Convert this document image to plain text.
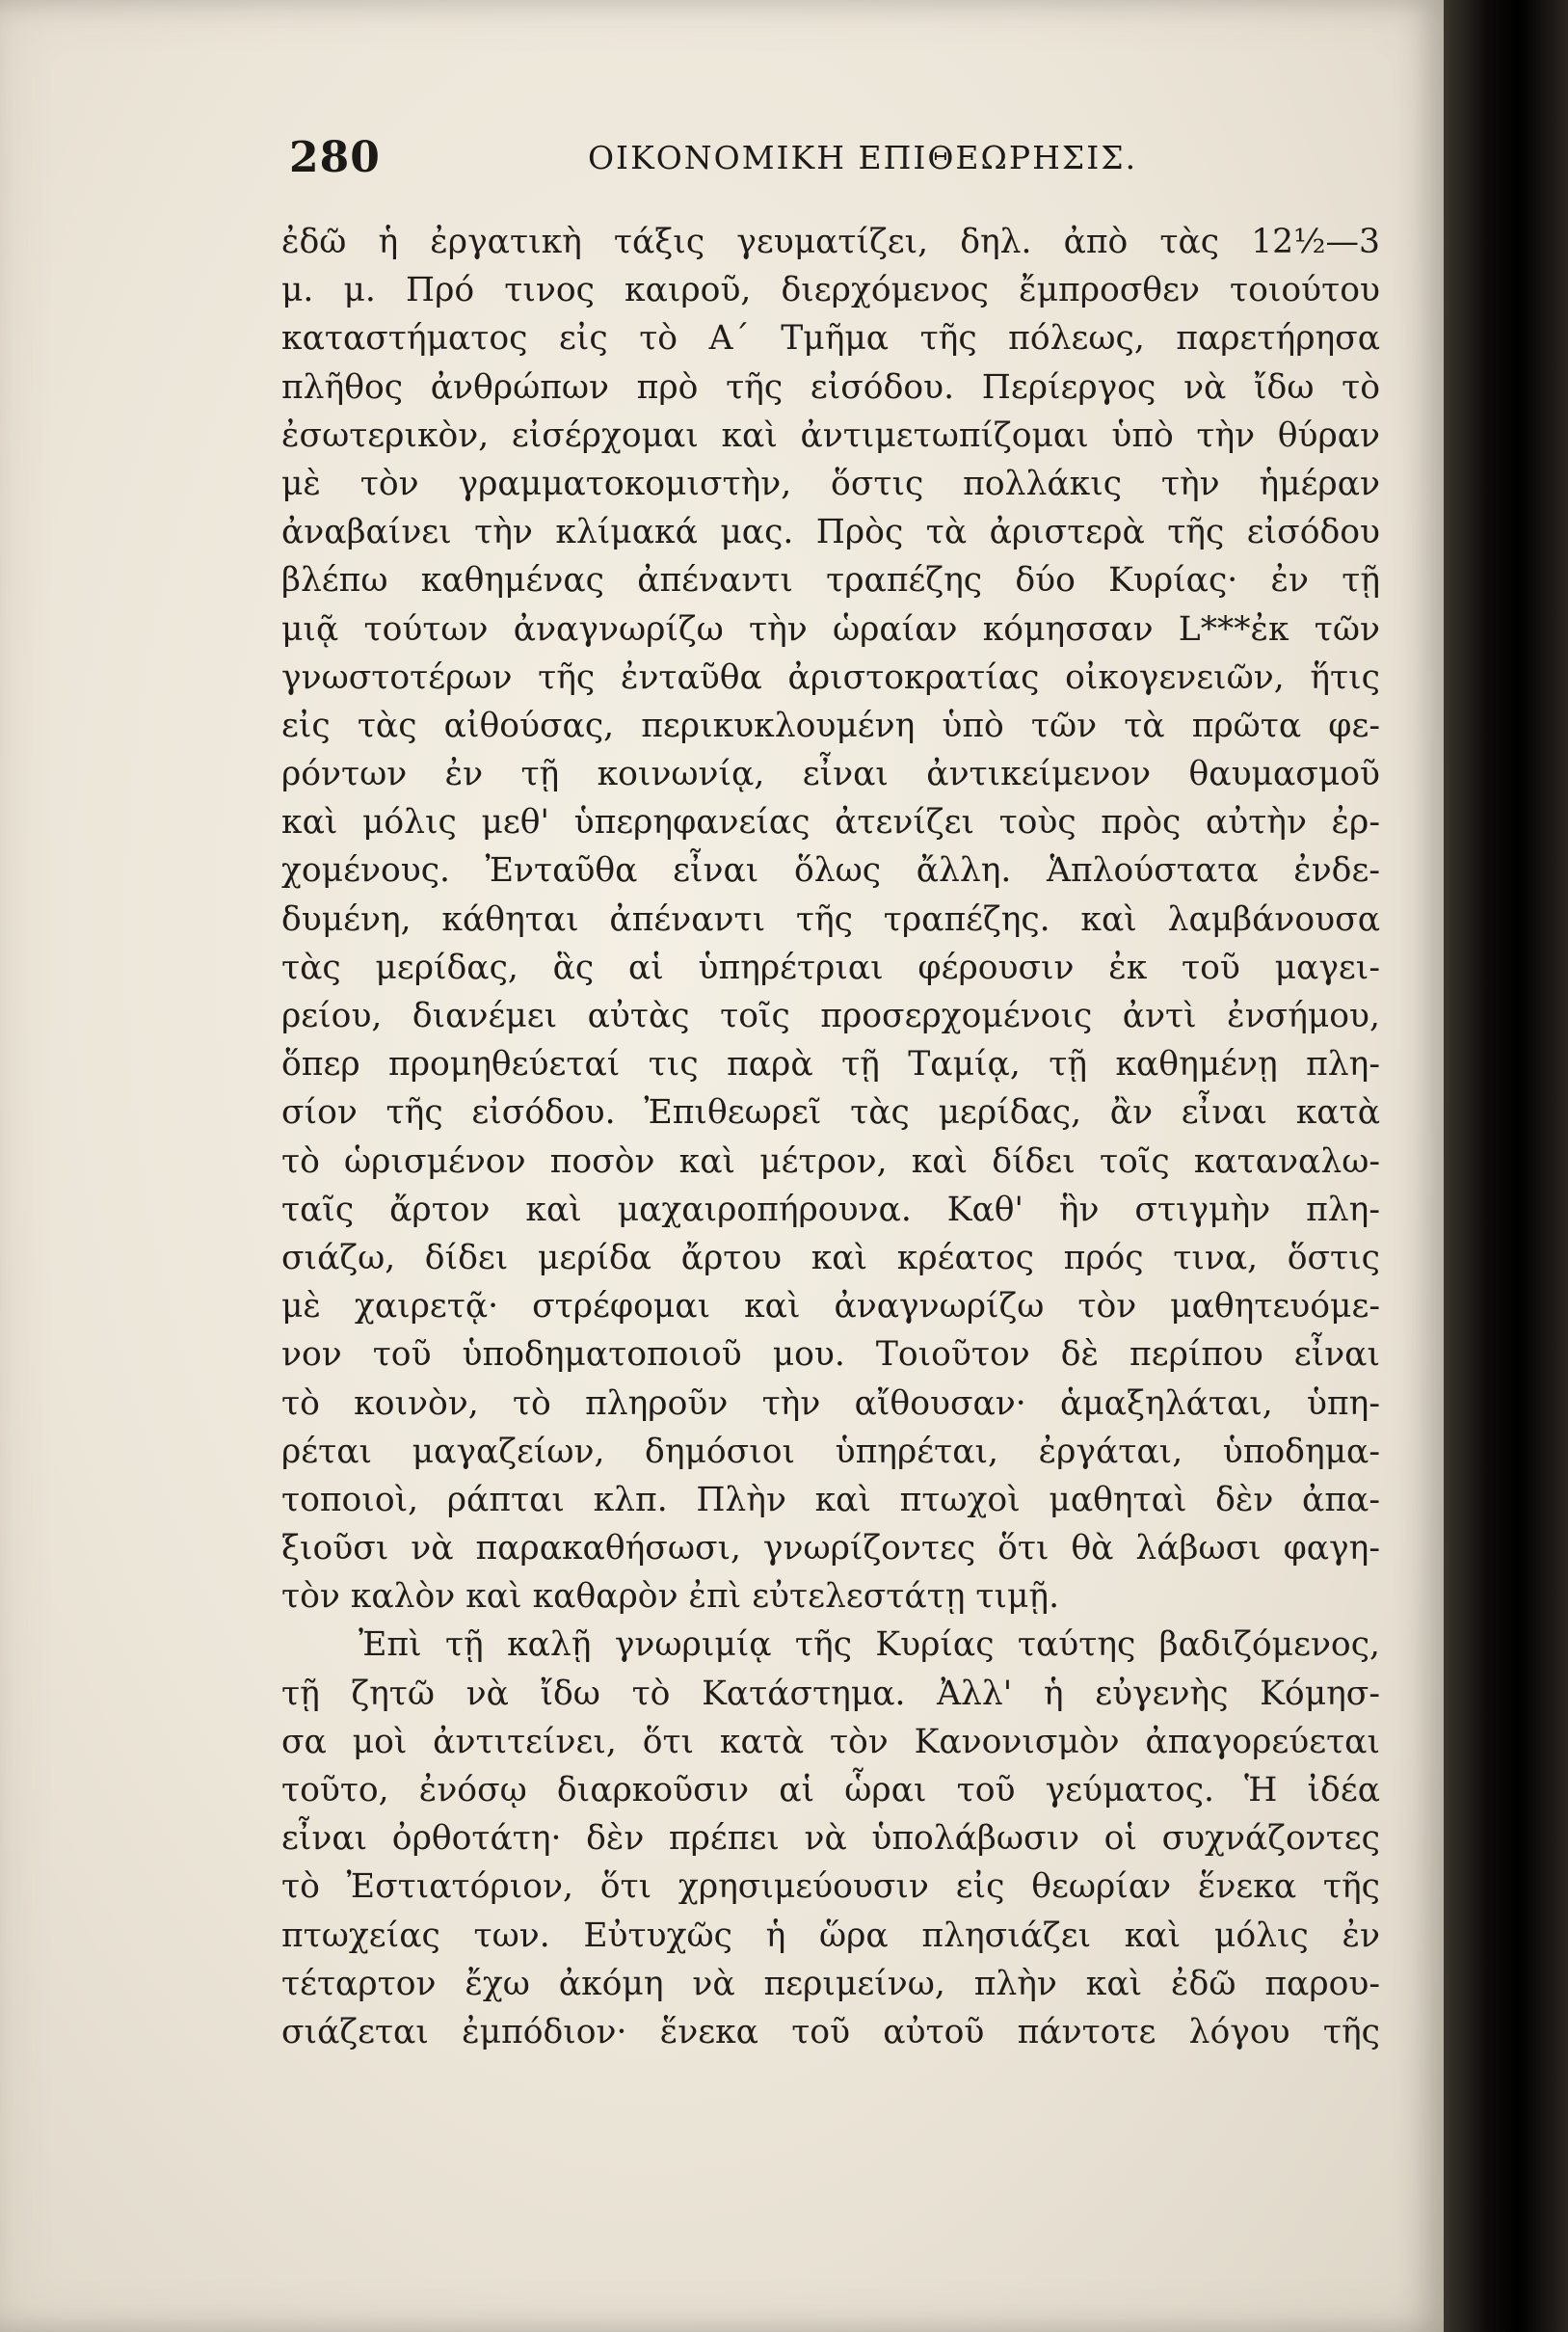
280	ΟΙΚΟΝΟΜΙΚΗ ΕΠΙΘΕΩΡΗΣΙΣ.
ἐδῶ ἡ ἐργατικὴ τάξις γευματίζει, δηλ. ἀπὸ τὰς 12½—3
μ. μ. Πρό τινος καιροῦ, διερχόμενος ἔμπροσθεν τοιούτου
καταστήματος εἰς τὸ Α΄ Τμῆμα τῆς πόλεως, παρετήρησα
πλῆθος ἀνθρώπων πρὸ τῆς εἰσόδου. Περίεργος νὰ ἴδω τὸ
ἐσωτερικὸν, εἰσέρχομαι καὶ ἀντιμετωπίζομαι ὑπὸ τὴν θύραν
μὲ τὸν γραμματοκομιστὴν, ὅστις πολλάκις τὴν ἡμέραν
ἀναβαίνει τὴν κλίμακά μας. Πρὸς τὰ ἀριστερὰ τῆς εἰσόδου
βλέπω καθημένας ἀπέναντι τραπέζης δύο Κυρίας· ἐν τῇ
μιᾷ τούτων ἀναγνωρίζω τὴν ὡραίαν κόμησσαν L***ἐκ τῶν
γνωστοτέρων τῆς ἐνταῦθα ἀριστοκρατίας οἰκογενειῶν, ἥτις
εἰς τὰς αἰθούσας, περικυκλουμένη ὑπὸ τῶν τὰ πρῶτα φε-
ρόντων ἐν τῇ κοινωνίᾳ, εἶναι ἀντικείμενον θαυμασμοῦ
καὶ μόλις μεθ' ὑπερηφανείας ἀτενίζει τοὺς πρὸς αὐτὴν ἐρ-
χομένους. Ἐνταῦθα εἶναι ὅλως ἄλλη. Ἁπλούστατα ἐνδε-
δυμένη, κάθηται ἀπέναντι τῆς τραπέζης. καὶ λαμβάνουσα
τὰς μερίδας, ἃς αἱ ὑπηρέτριαι φέρουσιν ἐκ τοῦ μαγει-
ρείου, διανέμει αὐτὰς τοῖς προσερχομένοις ἀντὶ ἐνσήμου,
ὅπερ προμηθεύεταί τις παρὰ τῇ Ταμίᾳ, τῇ καθημένῃ πλη-
σίον τῆς εἰσόδου. Ἐπιθεωρεῖ τὰς μερίδας, ἂν εἶναι κατὰ
τὸ ὡρισμένον ποσὸν καὶ μέτρον, καὶ δίδει τοῖς καταναλω-
ταῖς ἄρτον καὶ μαχαιροπήρουνα. Καθ' ἣν στιγμὴν πλη-
σιάζω, δίδει μερίδα ἄρτου καὶ κρέατος πρός τινα, ὅστις
μὲ χαιρετᾷ· στρέφομαι καὶ ἀναγνωρίζω τὸν μαθητευόμε-
νον τοῦ ὑποδηματοποιοῦ μου. Τοιοῦτον δὲ περίπου εἶναι
τὸ κοινὸν, τὸ πληροῦν τὴν αἴθουσαν· ἁμαξηλάται, ὑπη-
ρέται μαγαζείων, δημόσιοι ὑπηρέται, ἐργάται, ὑποδημα-
τοποιοὶ, ράπται κλπ. Πλὴν καὶ πτωχοὶ μαθηταὶ δὲν ἀπα-
ξιοῦσι νὰ παρακαθήσωσι, γνωρίζοντες ὅτι θὰ λάβωσι φαγη-
τὸν καλὸν καὶ καθαρὸν ἐπὶ εὐτελεστάτῃ τιμῇ.
Ἐπὶ τῇ καλῇ γνωριμίᾳ τῆς Κυρίας ταύτης βαδιζόμενος,
τῇ ζητῶ νὰ ἴδω τὸ Κατάστημα. Ἀλλ' ἡ εὐγενὴς Κόμησ-
σα μοὶ ἀντιτείνει, ὅτι κατὰ τὸν Κανονισμὸν ἀπαγορεύεται
τοῦτο, ἐνόσῳ διαρκοῦσιν αἱ ὧραι τοῦ γεύματος. Ἡ ἰδέα
εἶναι ὀρθοτάτη· δὲν πρέπει νὰ ὑπολάβωσιν οἱ συχνάζοντες
τὸ Ἐστιατόριον, ὅτι χρησιμεύουσιν εἰς θεωρίαν ἕνεκα τῆς
πτωχείας των. Εὐτυχῶς ἡ ὥρα πλησιάζει καὶ μόλις ἐν
τέταρτον ἔχω ἀκόμη νὰ περιμείνω, πλὴν καὶ ἐδῶ παρου-
σιάζεται ἐμπόδιον· ἕνεκα τοῦ αὐτοῦ πάντοτε λόγου τῆς
